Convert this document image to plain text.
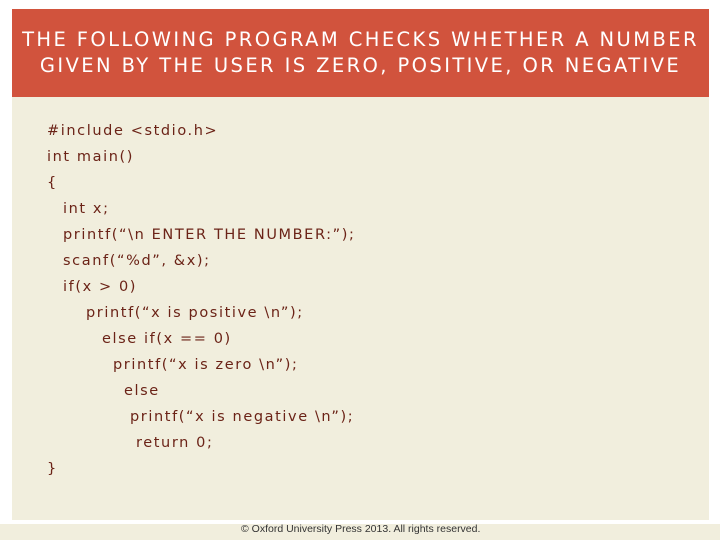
THE FOLLOWING PROGRAM CHECKS WHETHER A NUMBER GIVEN BY THE USER IS ZERO, POSITIVE, OR NEGATIVE

#include <stdio.h>

int main()

{

int x;

printf(“\n ENTER THE NUMBER:”);

scanf(“%d”, &x);

if(x > 0)

printf(“x is positive \n”);

else if(x == 0)

printf(“x is zero \n”);

else

printf(“x is negative \n”);

return 0;

}

© Oxford University Press 2013. All rights reserved.
